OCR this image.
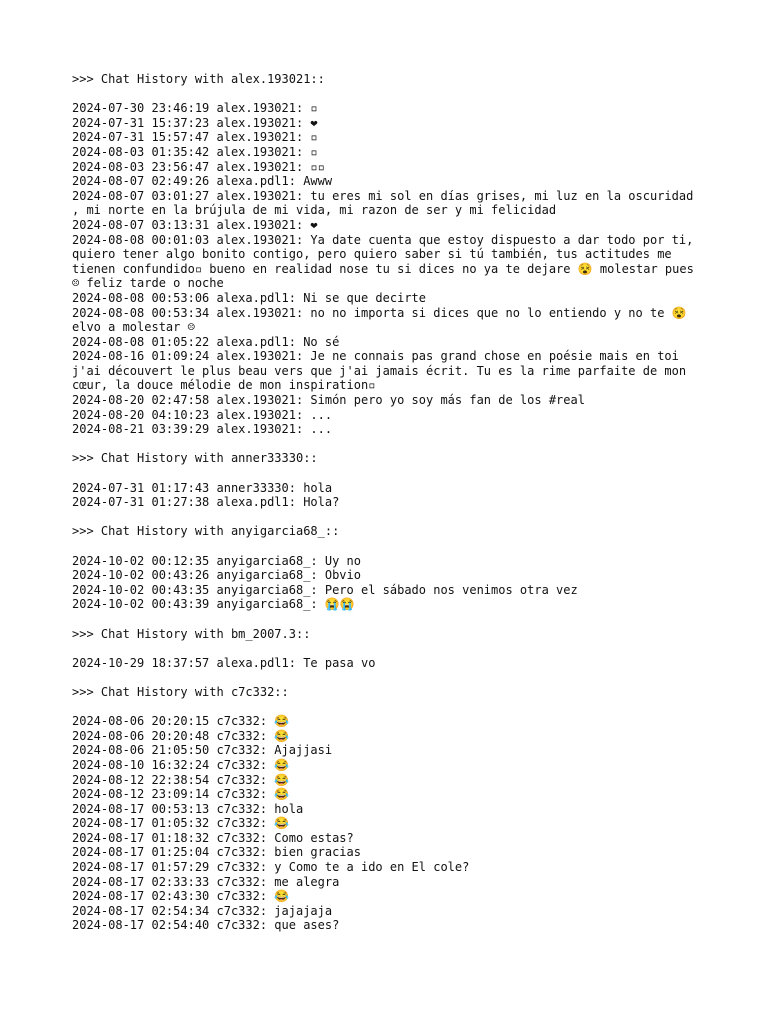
>>> Chat History with alex.193021::
2024-07-30 23:46:19 alex.193021: ▫
2024-07-31 15:37:23 alex.193021: ❤
2024-07-31 15:57:47 alex.193021: ▫
2024-08-03 01:35:42 alex.193021: ▫
2024-08-03 23:56:47 alex.193021: ▫▫
2024-08-07 02:49:26 alexa.pdl1: Awww
2024-08-07 03:01:27 alex.193021: tu eres mi sol en días grises, mi luz en la oscuridad , mi norte en la brújula de mi vida, mi razon de ser y mi felicidad
2024-08-07 03:13:31 alex.193021: ❤
2024-08-08 00:01:03 alex.193021: Ya date cuenta que estoy dispuesto a dar todo por ti, quiero tener algo bonito contigo, pero quiero saber si tú también, tus actitudes me tienen confundido▫ bueno en realidad nose tu si dices no ya te dejare 😵 molestar pues☹ feliz tarde o noche
2024-08-08 00:53:06 alexa.pdl1: Ni se que decirte
2024-08-08 00:53:34 alex.193021: no no importa si dices que no lo entiendo y no te 😵elvo a molestar ☹
2024-08-08 01:05:22 alexa.pdl1: No sé
2024-08-16 01:09:24 alex.193021: Je ne connais pas grand chose en poésie mais en toi j'ai découvert le plus beau vers que j'ai jamais écrit. Tu es la rime parfaite de mon cœur, la douce mélodie de mon inspiration▫
2024-08-20 02:47:58 alex.193021: Simón pero yo soy más fan de los #real
2024-08-20 04:10:23 alex.193021: ...
2024-08-21 03:39:29 alex.193021: ...
>>> Chat History with anner33330::
2024-07-31 01:17:43 anner33330: hola
2024-07-31 01:27:38 alexa.pdl1: Hola?
>>> Chat History with anyigarcia68_::
2024-10-02 00:12:35 anyigarcia68_: Uy no
2024-10-02 00:43:26 anyigarcia68_: Obvio
2024-10-02 00:43:35 anyigarcia68_: Pero el sábado nos venimos otra vez
2024-10-02 00:43:39 anyigarcia68_: 😭😭
>>> Chat History with bm_2007.3::
2024-10-29 18:37:57 alexa.pdl1: Te pasa vo
>>> Chat History with c7c332::
2024-08-06 20:20:15 c7c332: 😂
2024-08-06 20:20:48 c7c332: 😂
2024-08-06 21:05:50 c7c332: Ajajjasi
2024-08-10 16:32:24 c7c332: 😂
2024-08-12 22:38:54 c7c332: 😂
2024-08-12 23:09:14 c7c332: 😂
2024-08-17 00:53:13 c7c332: hola
2024-08-17 01:05:32 c7c332: 😂
2024-08-17 01:18:32 c7c332: Como estas?
2024-08-17 01:25:04 c7c332: bien gracias
2024-08-17 01:57:29 c7c332: y Como te a ido en El cole?
2024-08-17 02:33:33 c7c332: me alegra
2024-08-17 02:43:30 c7c332: 😂
2024-08-17 02:54:34 c7c332: jajajaja
2024-08-17 02:54:40 c7c332: que ases?
